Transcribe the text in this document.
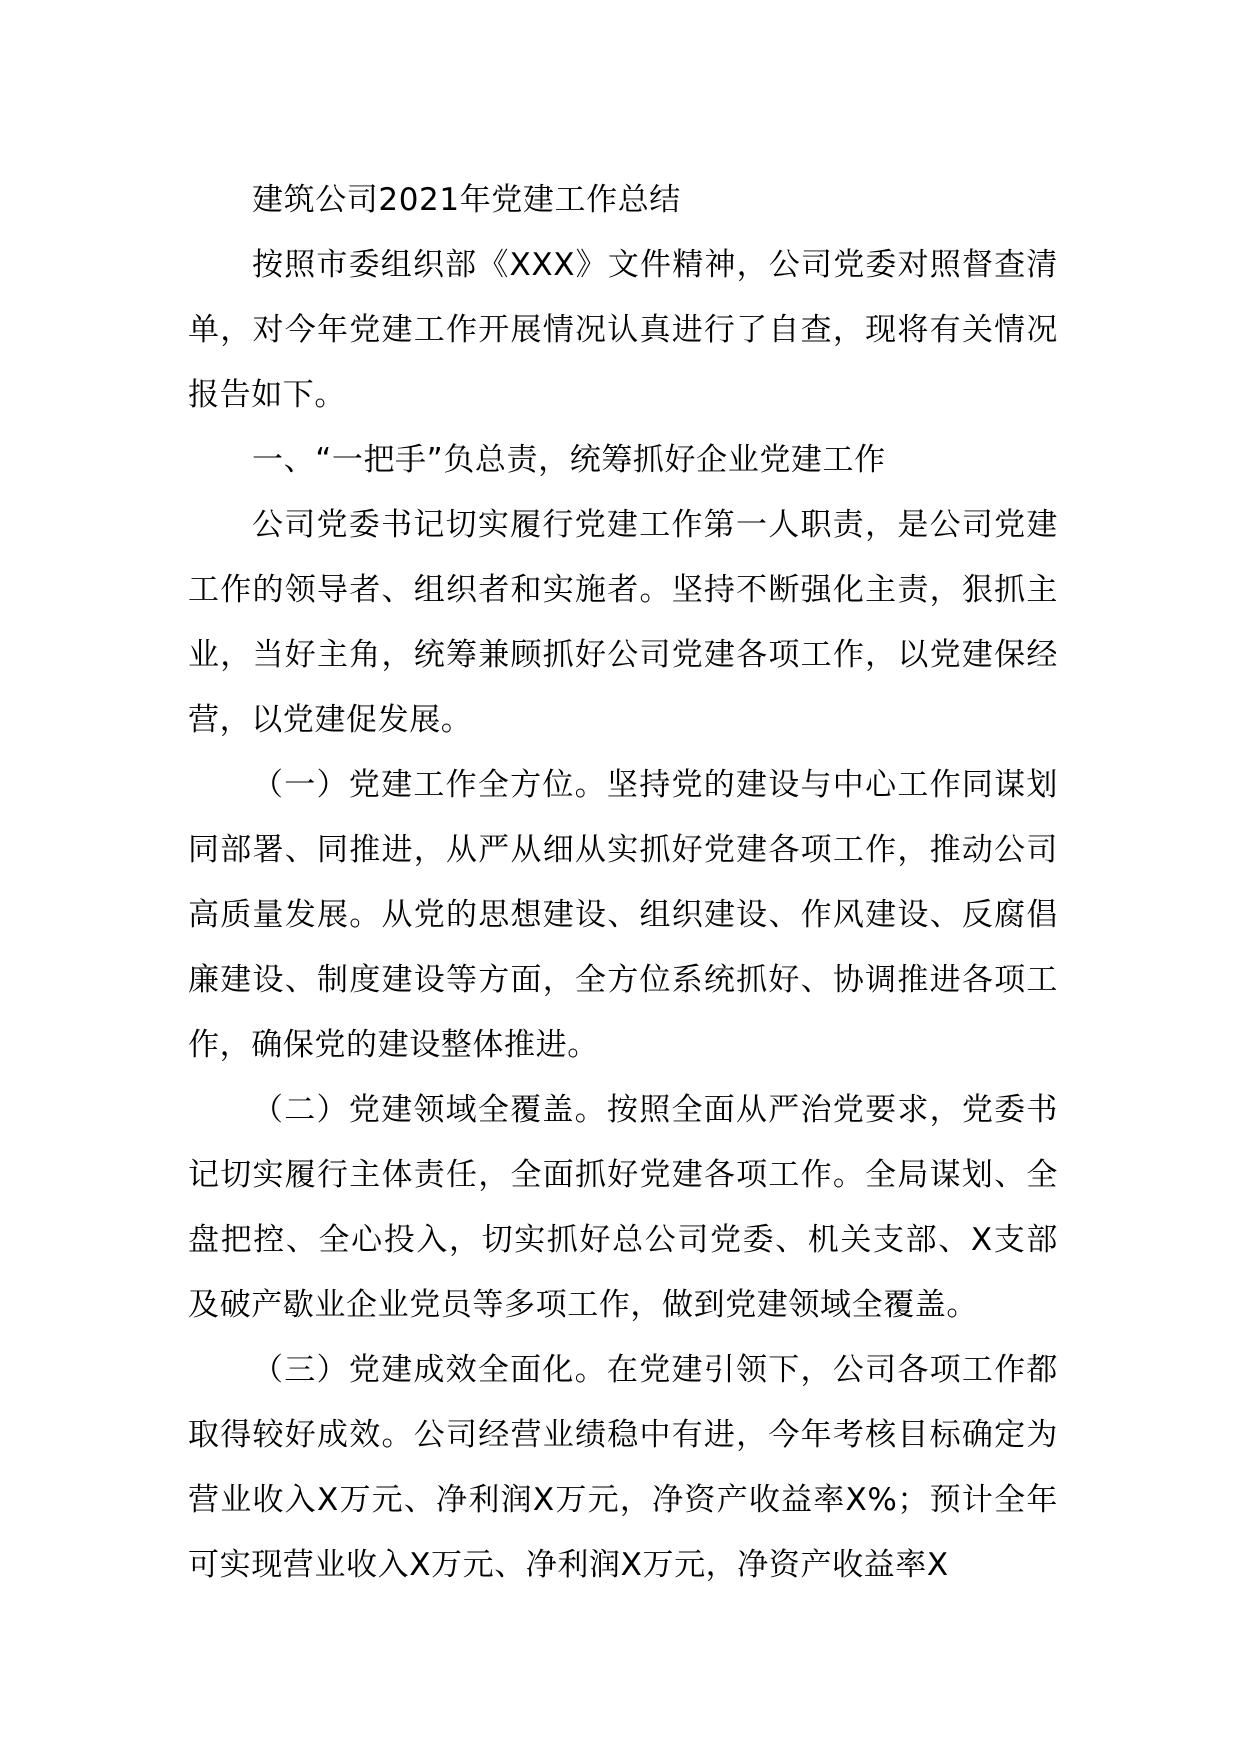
建筑公司2021年党建工作总结

按照市委组织部《XXX》文件精神，公司党委对照督查清单，对今年党建工作开展情况认真进行了自查，现将有关情况报告如下。

一、“一把手”负总责，统筹抓好企业党建工作

公司党委书记切实履行党建工作第一人职责，是公司党建工作的领导者、组织者和实施者。坚持不断强化主责，狠抓主业，当好主角，统筹兼顾抓好公司党建各项工作，以党建保经营，以党建促发展。

（一）党建工作全方位。坚持党的建设与中心工作同谋划同部署、同推进，从严从细从实抓好党建各项工作，推动公司高质量发展。从党的思想建设、组织建设、作风建设、反腐倡廉建设、制度建设等方面，全方位系统抓好、协调推进各项工作，确保党的建设整体推进。

（二）党建领域全覆盖。按照全面从严治党要求，党委书记切实履行主体责任，全面抓好党建各项工作。全局谋划、全盘把控、全心投入，切实抓好总公司党委、机关支部、X支部及破产歇业企业党员等多项工作，做到党建领域全覆盖。

（三）党建成效全面化。在党建引领下，公司各项工作都取得较好成效。公司经营业绩稳中有进，今年考核目标确定为营业收入X万元、净利润X万元，净资产收益率X%；预计全年可实现营业收入X万元、净利润X万元，净资产收益率X
